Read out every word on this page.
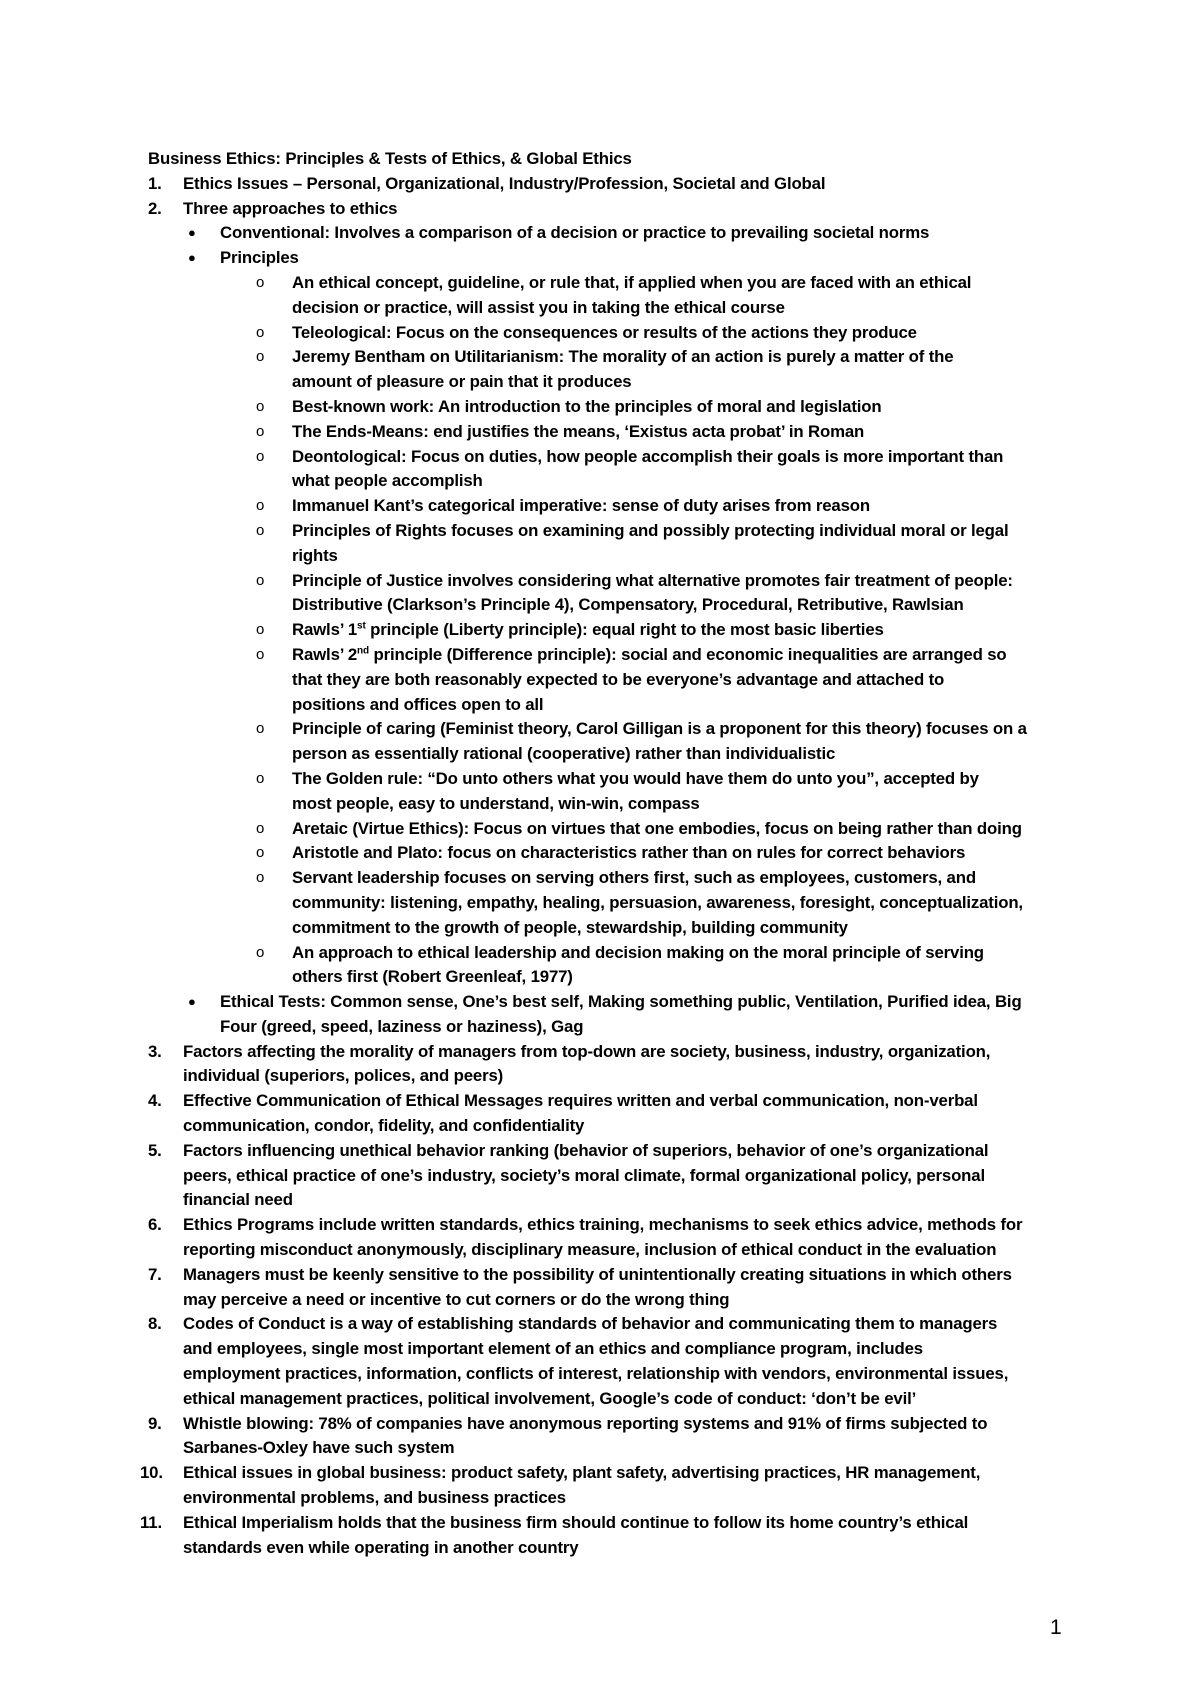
Business Ethics: Principles & Tests of Ethics, & Global Ethics
1. Ethics Issues – Personal, Organizational, Industry/Profession, Societal and Global
2. Three approaches to ethics
● Conventional: Involves a comparison of a decision or practice to prevailing societal norms
● Principles
o An ethical concept, guideline, or rule that, if applied when you are faced with an ethical
decision or practice, will assist you in taking the ethical course
o Teleological: Focus on the consequences or results of the actions they produce
o Jeremy Bentham on Utilitarianism: The morality of an action is purely a matter of the
amount of pleasure or pain that it produces
o Best-known work: An introduction to the principles of moral and legislation
o The Ends-Means: end justifies the means, ‘Existus acta probat’ in Roman
o Deontological: Focus on duties, how people accomplish their goals is more important than
what people accomplish
o Immanuel Kant’s categorical imperative: sense of duty arises from reason
o Principles of Rights focuses on examining and possibly protecting individual moral or legal
rights
o Principle of Justice involves considering what alternative promotes fair treatment of people:
Distributive (Clarkson’s Principle 4), Compensatory, Procedural, Retributive, Rawlsian
o Rawls’ 1st principle (Liberty principle): equal right to the most basic liberties
o Rawls’ 2nd principle (Difference principle): social and economic inequalities are arranged so
that they are both reasonably expected to be everyone’s advantage and attached to
positions and offices open to all
o Principle of caring (Feminist theory, Carol Gilligan is a proponent for this theory) focuses on a
person as essentially rational (cooperative) rather than individualistic
o The Golden rule: “Do unto others what you would have them do unto you”, accepted by
most people, easy to understand, win-win, compass
o Aretaic (Virtue Ethics): Focus on virtues that one embodies, focus on being rather than doing
o Aristotle and Plato: focus on characteristics rather than on rules for correct behaviors
o Servant leadership focuses on serving others first, such as employees, customers, and
community: listening, empathy, healing, persuasion, awareness, foresight, conceptualization,
commitment to the growth of people, stewardship, building community
o An approach to ethical leadership and decision making on the moral principle of serving
others first (Robert Greenleaf, 1977)
● Ethical Tests: Common sense, One’s best self, Making something public, Ventilation, Purified idea, Big
Four (greed, speed, laziness or haziness), Gag
3. Factors affecting the morality of managers from top-down are society, business, industry, organization,
individual (superiors, polices, and peers)
4. Effective Communication of Ethical Messages requires written and verbal communication, non-verbal
communication, condor, fidelity, and confidentiality
5. Factors influencing unethical behavior ranking (behavior of superiors, behavior of one’s organizational
peers, ethical practice of one’s industry, society’s moral climate, formal organizational policy, personal
financial need
6. Ethics Programs include written standards, ethics training, mechanisms to seek ethics advice, methods for
reporting misconduct anonymously, disciplinary measure, inclusion of ethical conduct in the evaluation
7. Managers must be keenly sensitive to the possibility of unintentionally creating situations in which others
may perceive a need or incentive to cut corners or do the wrong thing
8. Codes of Conduct is a way of establishing standards of behavior and communicating them to managers
and employees, single most important element of an ethics and compliance program, includes
employment practices, information, conflicts of interest, relationship with vendors, environmental issues,
ethical management practices, political involvement, Google’s code of conduct: ‘don’t be evil’
9. Whistle blowing: 78% of companies have anonymous reporting systems and 91% of firms subjected to
Sarbanes-Oxley have such system
10. Ethical issues in global business: product safety, plant safety, advertising practices, HR management,
environmental problems, and business practices
11. Ethical Imperialism holds that the business firm should continue to follow its home country’s ethical
standards even while operating in another country
1
